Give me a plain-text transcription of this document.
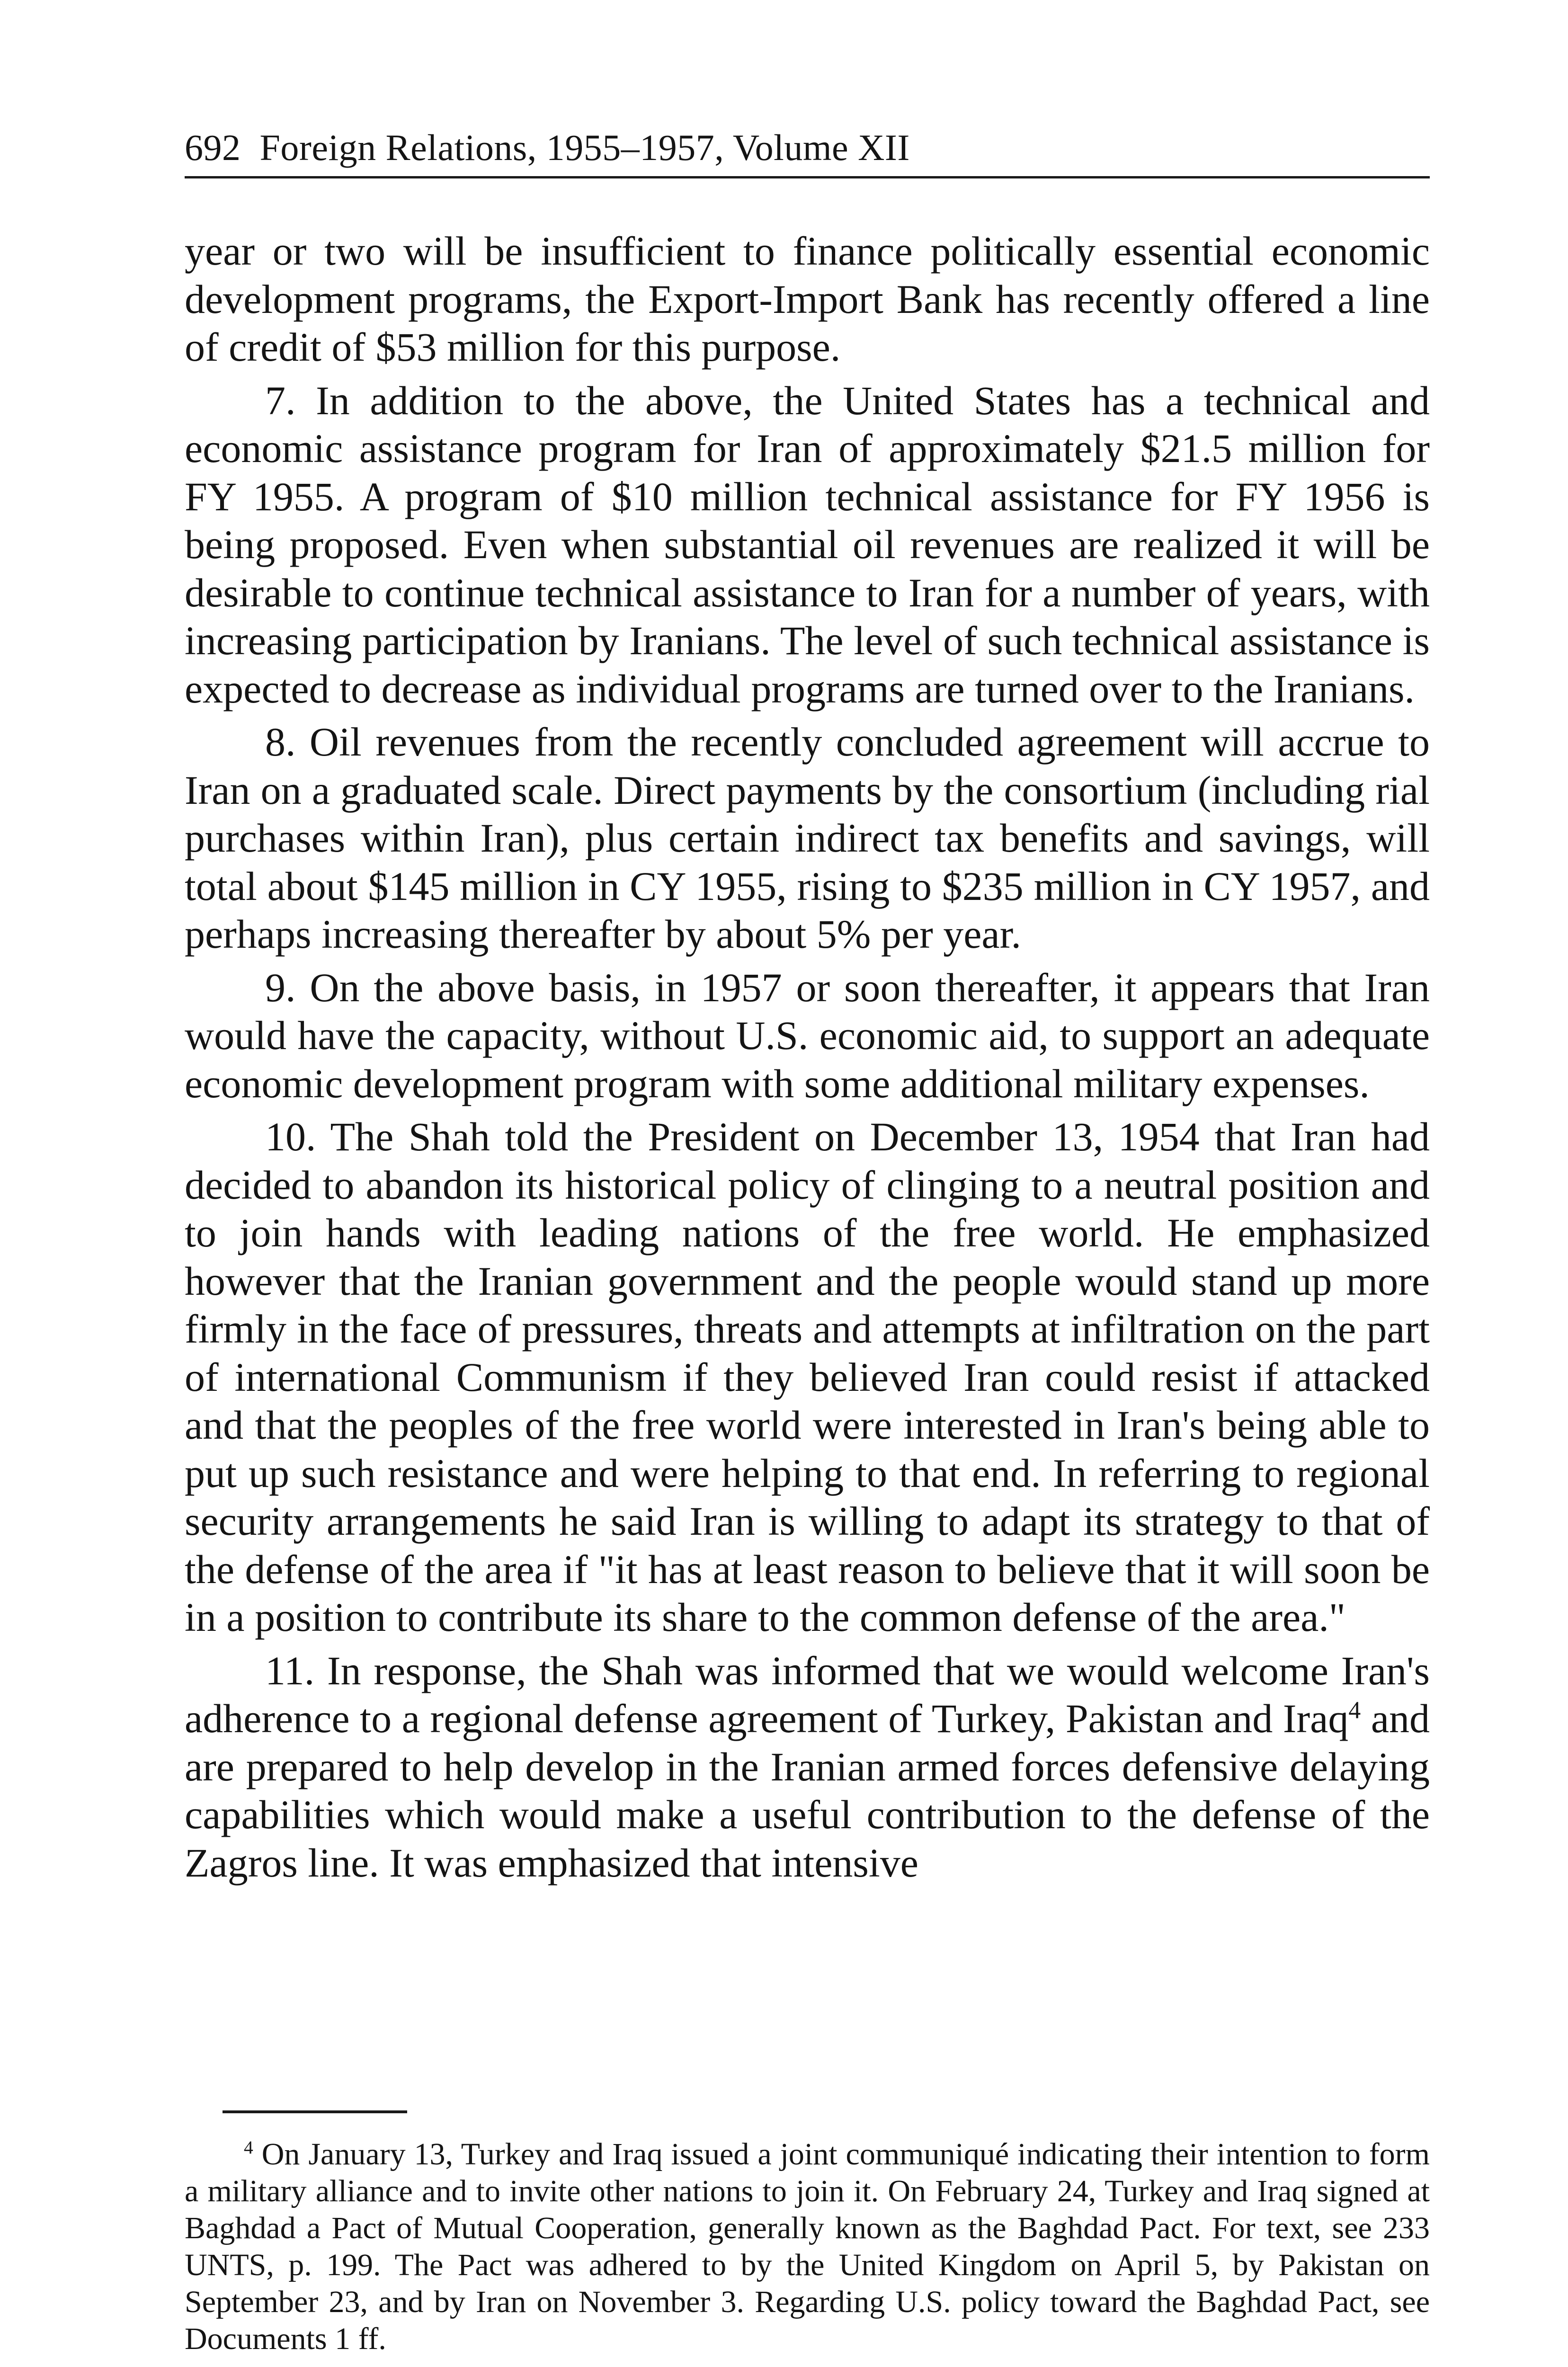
692 Foreign Relations, 1955–1957, Volume XII

year or two will be insufficient to finance politically essential economic development programs, the Export-Import Bank has recently offered a line of credit of $53 million for this purpose.

7. In addition to the above, the United States has a technical and economic assistance program for Iran of approximately $21.5 million for FY 1955. A program of $10 million technical assistance for FY 1956 is being proposed. Even when substantial oil revenues are realized it will be desirable to continue technical assistance to Iran for a number of years, with increasing participation by Iranians. The level of such technical assistance is expected to decrease as individual programs are turned over to the Iranians.

8. Oil revenues from the recently concluded agreement will accrue to Iran on a graduated scale. Direct payments by the consortium (including rial purchases within Iran), plus certain indirect tax benefits and savings, will total about $145 million in CY 1955, rising to $235 million in CY 1957, and perhaps increasing thereafter by about 5% per year.

9. On the above basis, in 1957 or soon thereafter, it appears that Iran would have the capacity, without U.S. economic aid, to support an adequate economic development program with some additional military expenses.

10. The Shah told the President on December 13, 1954 that Iran had decided to abandon its historical policy of clinging to a neutral position and to join hands with leading nations of the free world. He emphasized however that the Iranian government and the people would stand up more firmly in the face of pressures, threats and attempts at infiltration on the part of international Communism if they believed Iran could resist if attacked and that the peoples of the free world were interested in Iran's being able to put up such resistance and were helping to that end. In referring to regional security arrangements he said Iran is willing to adapt its strategy to that of the defense of the area if "it has at least reason to believe that it will soon be in a position to contribute its share to the common defense of the area."

11. In response, the Shah was informed that we would welcome Iran's adherence to a regional defense agreement of Turkey, Pakistan and Iraq$^4$ and are prepared to help develop in the Iranian armed forces defensive delaying capabilities which would make a useful contribution to the defense of the Zagros line. It was emphasized that intensive

$^4$ On January 13, Turkey and Iraq issued a joint communiqué indicating their intention to form a military alliance and to invite other nations to join it. On February 24, Turkey and Iraq signed at Baghdad a Pact of Mutual Cooperation, generally known as the Baghdad Pact. For text, see 233 UNTS, p. 199. The Pact was adhered to by the United Kingdom on April 5, by Pakistan on September 23, and by Iran on November 3. Regarding U.S. policy toward the Baghdad Pact, see Documents 1 ff.
